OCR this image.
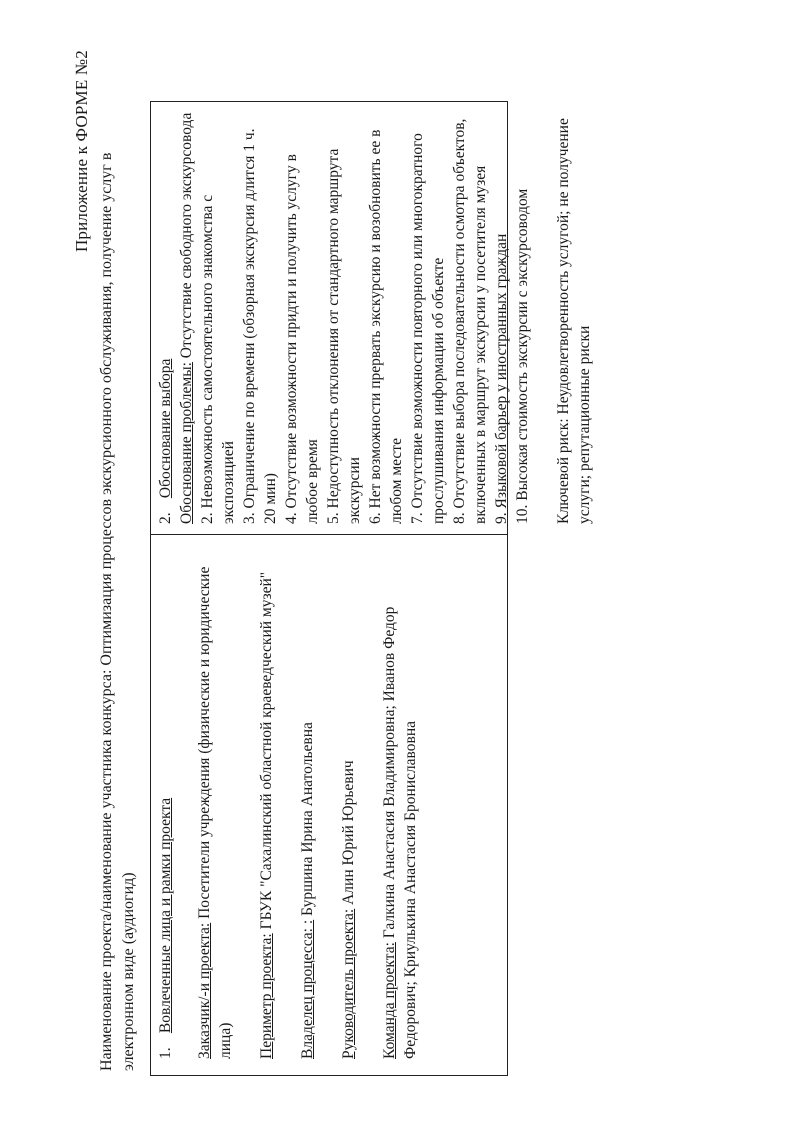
Приложение к ФОРМЕ №2
Наименование проекта/наименование участника конкурса: Оптимизация процессов экскурсионного обслуживания, получение услуг в электронном виде (аудиогид) 1. Вовлеченные лица и рамки проекта Заказчик/-и проекта: Посетители учреждения (физические и юридические лица) Периметр проекта: ГБУК "Сахалинский областной краеведческий музей"
Владелец процесса: : Буршина Ирина Анатольевна
Руководитель проекта: Алин Юрий Юрьевич
Команда проекта: Галкина Анастасия Владимировна; Иванов Федор Федорович; Криулькина Анастасия Брониславовна
2. Обоснование выбора Обоснование проблемы: Отсутствие свободного экскурсовода 2. Невозможность самостоятельного знакомства с экспозицией 3. Ограничение по времени (обзорная экскурсия длится 1 ч. 20 мин) 4. Отсутствие возможности придти и получить услугу в любое время 5. Недоступность отклонения от стандартного маршрута экскурсии 6. Нет возможности прервать экскурсию и возобновить ее в любом месте 7. Отсутствие возможности повторного или многократного прослушивания информации об объекте 8. Отсутствие выбора последовательности осмотра объектов, включенных в маршрут экскурсии у посетителя музея 9. Языковой барьер у иностранных граждан 10. Высокая стоимость экскурсии с экскурсоводом Ключевой риск: Неудовлетворенность услугой; не получение услуги; репутационные риски
